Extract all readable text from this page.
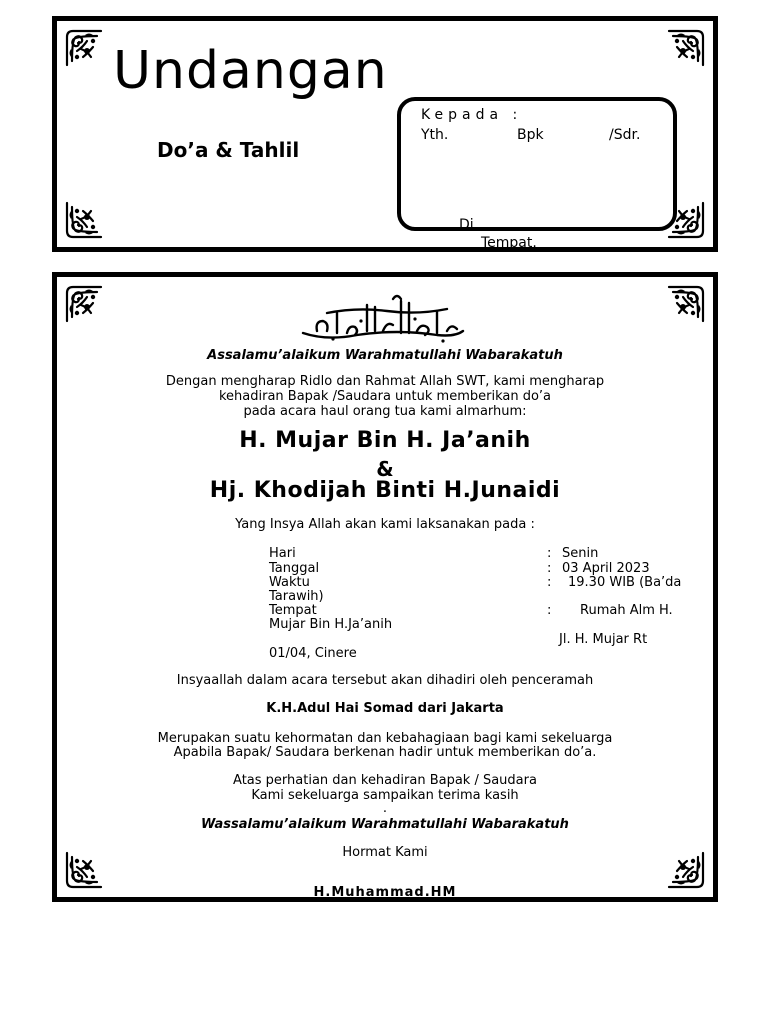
Undangan
Do’a & Tahlil
Kepada :
Yth.	Bpk	/Sdr.
Di
Tempat.
Assalamu’alaikum Warahmatullahi Wabarakatuh
Dengan mengharap Ridlo dan Rahmat Allah SWT, kami mengharap
kehadiran Bapak /Saudara untuk memberikan do’a
pada acara haul orang tua kami almarhum:
H. Mujar Bin H. Ja’anih
&
Hj. Khodijah Binti H.Junaidi
Yang Insya Allah akan kami laksanakan pada :
Hari	: Senin
Tanggal	: 03 April 2023
Waktu	: 19.30 WIB (Ba’da
Tarawih)
Tempat	: Rumah Alm H.
Mujar Bin H.Ja’anih
Jl. H. Mujar Rt
01/04, Cinere
Insyaallah dalam acara tersebut akan dihadiri oleh penceramah
K.H.Adul Hai Somad dari Jakarta
Merupakan suatu kehormatan dan kebahagiaan bagi kami sekeluarga
Apabila Bapak/ Saudara berkenan hadir untuk memberikan do’a.
Atas perhatian dan kehadiran Bapak / Saudara
Kami sekeluarga sampaikan terima kasih
.
Wassalamu’alaikum Warahmatullahi Wabarakatuh
Hormat Kami
H.Muhammad.HM
